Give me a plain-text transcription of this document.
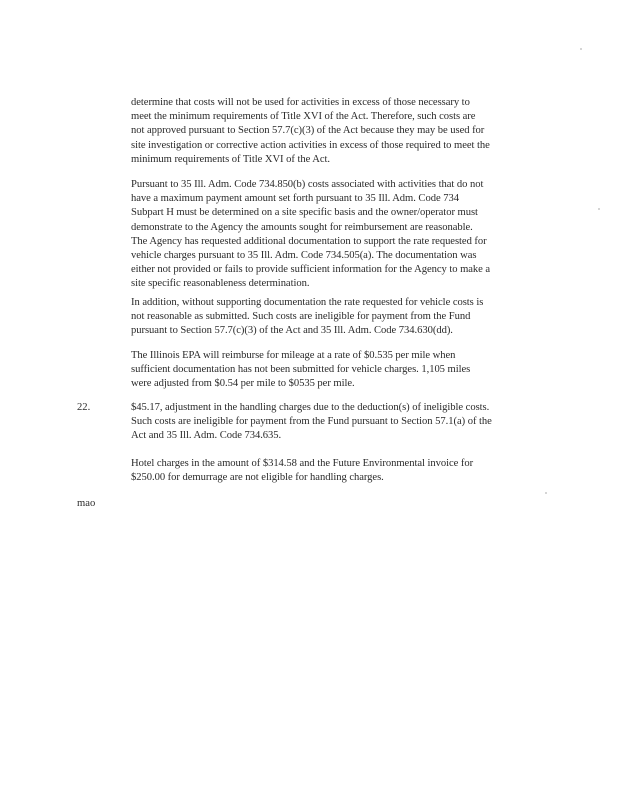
determine that costs will not be used for activities in excess of those necessary to
meet the minimum requirements of Title XVI of the Act. Therefore, such costs are
not approved pursuant to Section 57.7(c)(3) of the Act because they may be used for
site investigation or corrective action activities in excess of those required to meet the
minimum requirements of Title XVI of the Act.

Pursuant to 35 Ill. Adm. Code 734.850(b) costs associated with activities that do not
have a maximum payment amount set forth pursuant to 35 Ill. Adm. Code 734
Subpart H must be determined on a site specific basis and the owner/operator must
demonstrate to the Agency the amounts sought for reimbursement are reasonable.
The Agency has requested additional documentation to support the rate requested for
vehicle charges pursuant to 35 Ill. Adm. Code 734.505(a). The documentation was
either not provided or fails to provide sufficient information for the Agency to make a
site specific reasonableness determination.

In addition, without supporting documentation the rate requested for vehicle costs is
not reasonable as submitted. Such costs are ineligible for payment from the Fund
pursuant to Section 57.7(c)(3) of the Act and 35 Ill. Adm. Code 734.630(dd).

The Illinois EPA will reimburse for mileage at a rate of $0.535 per mile when
sufficient documentation has not been submitted for vehicle charges. 1,105 miles
were adjusted from $0.54 per mile to $0535 per mile.

22.	$45.17, adjustment in the handling charges due to the deduction(s) of ineligible costs.
Such costs are ineligible for payment from the Fund pursuant to Section 57.1(a) of the
Act and 35 Ill. Adm. Code 734.635.

Hotel charges in the amount of $314.58 and the Future Environmental invoice for
$250.00 for demurrage are not eligible for handling charges.

mao
